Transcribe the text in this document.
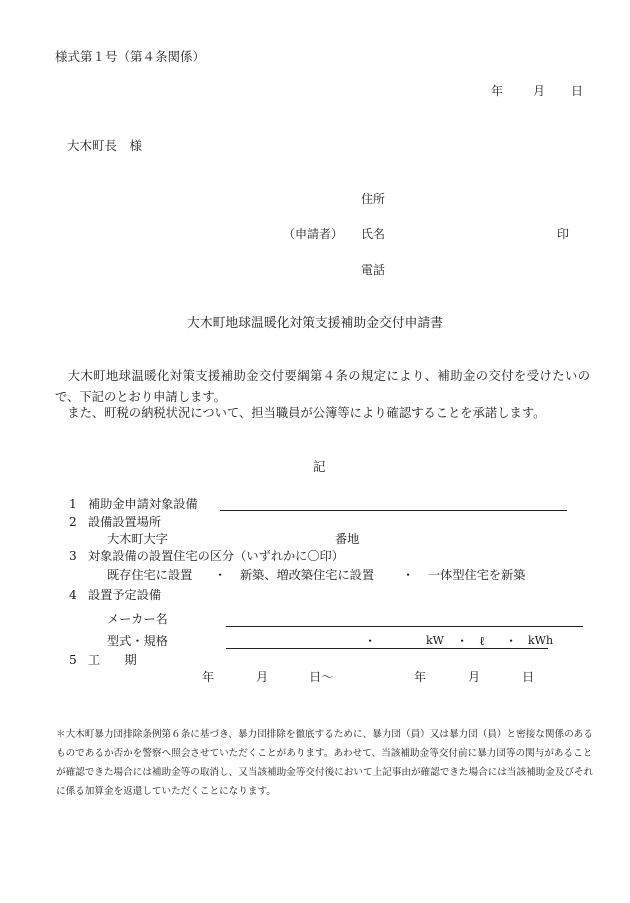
様式第１号（第４条関係）
年 月 日
大木町長　様
住所
（申請者） 氏名	印
電話
大木町地球温暖化対策支援補助金交付申請書
　大木町地球温暖化対策支援補助金交付要綱第４条の規定により、補助金の交付を受けたいので、下記のとおり申請します。
　また、町税の納税状況について、担当職員が公簿等により確認することを承諾します。
記
1 補助金申請対象設備
2 設備設置場所
大木町大字	番地
3 対象設備の設置住宅の区分（いずれかに〇印）
既存住宅に設置 ・ 新築、増改築住宅に設置 ・ 一体型住宅を新築
4 設置予定設備
メーカー名
型式・規格	・	kW ・ ℓ ・ kWh
5 工　　期
年	月	日〜	年	月	日
＊大木町暴力団排除条例第６条に基づき、暴力団排除を徹底するために、暴力団（員）又は暴力団（員）と密接な関係のあるものであるか否かを警察へ照会させていただくことがあります。あわせて、当該補助金等交付前に暴力団等の関与があることが確認できた場合には補助金等の取消し、又当該補助金等交付後において上記事由が確認できた場合には当該補助金及びそれに係る加算金を返還していただくことになります。
